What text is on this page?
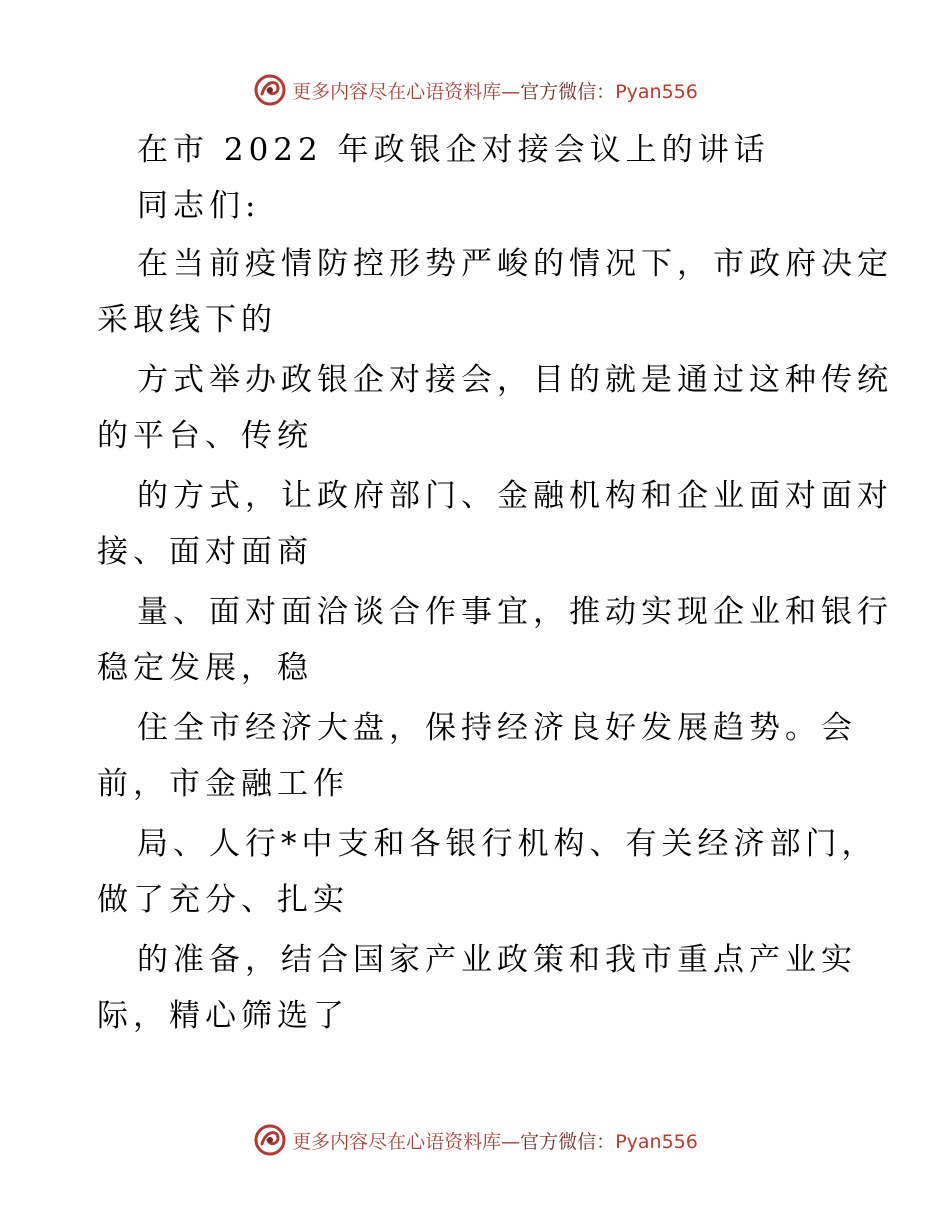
更多内容尽在心语资料库—官方微信：Pyan556
在市 2022 年政银企对接会议上的讲话
同志们:
在当前疫情防控形势严峻的情况下，市政府决定
采取线下的
方式举办政银企对接会，目的就是通过这种传统
的平台、传统
的方式，让政府部门、金融机构和企业面对面对
接、面对面商
量、面对面洽谈合作事宜，推动实现企业和银行
稳定发展，稳
住全市经济大盘，保持经济良好发展趋势。会
前，市金融工作
局、人行*中支和各银行机构、有关经济部门，
做了充分、扎实
的准备，结合国家产业政策和我市重点产业实
际，精心筛选了
更多内容尽在心语资料库—官方微信：Pyan556
